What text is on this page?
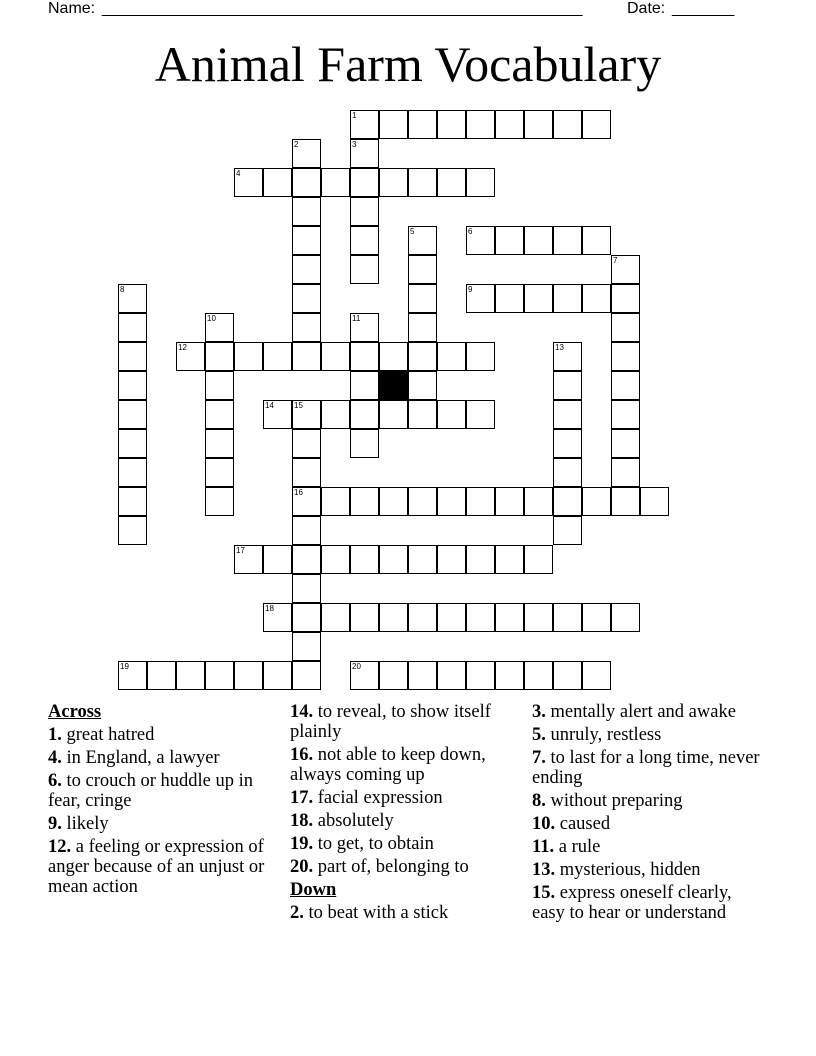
Name: ______________________________________________________	Date: _______
Animal Farm Vocabulary
1
4
6
9
12
14	15
16
17
18
19	20
2	3
5
7
8
10	11
13
Across
1. great hatred
4. in England, a lawyer
6. to crouch or huddle up in fear, cringe
9. likely
12. a feeling or expression of anger because of an unjust or mean action
14. to reveal, to show itself plainly
16. not able to keep down, always coming up
17. facial expression
18. absolutely
19. to get, to obtain
20. part of, belonging to
Down
2. to beat with a stick
3. mentally alert and awake
5. unruly, restless
7. to last for a long time, never ending
8. without preparing
10. caused
11. a rule
13. mysterious, hidden
15. express oneself clearly, easy to hear or understand
